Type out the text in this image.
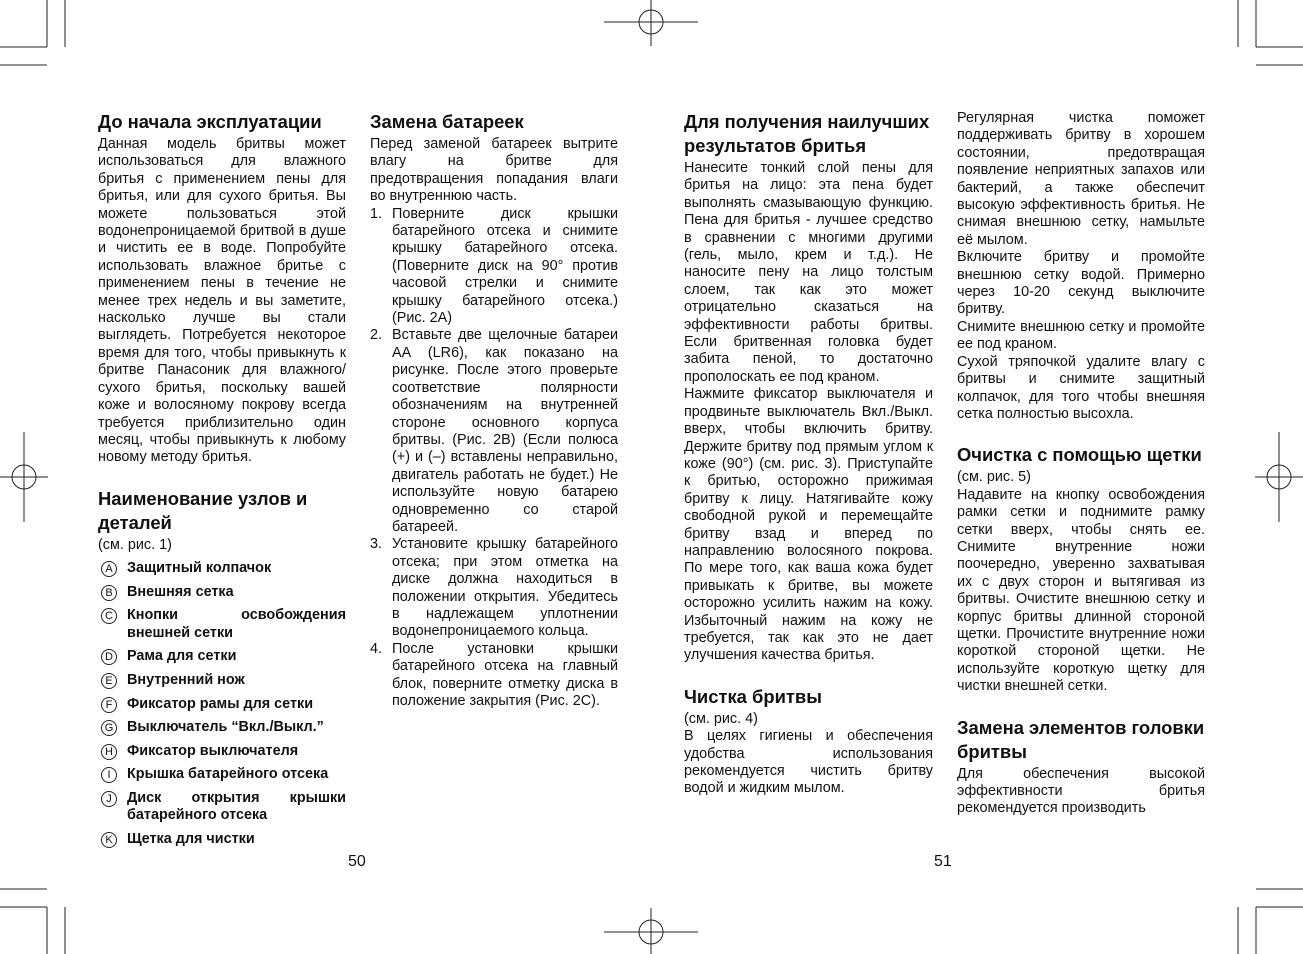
До начала эксплуатации

Данная модель бритвы может использоваться для влажного бритья с применением пены для бритья, или для сухого бритья. Вы можете пользоваться этой водонепроницаемой бритвой в душе и чистить ее в воде. Попробуйте использовать влажное бритье с применением пены в течение не менее трех недель и вы заметите, насколько лучше вы стали выглядеть. Потребуется некоторое время для того, чтобы привыкнуть к бритве Панасоник для влажного/сухого бритья, поскольку вашей коже и волосяному покрову всегда требуется приблизительно один месяц, чтобы привыкнуть к любому новому методу бритья.

Наименование узлов и деталей

(см. рис. 1)

A Защитный колпачок
B Внешняя сетка
C Кнопки освобождения внешней сетки
D Рама для сетки
E Внутренний нож
F	Фиксатор рамы для сетки
G Выключатель “Вкл./Выкл.”
H Фиксатор выключателя
I	Крышка батарейного отсека
J	Диск открытия крышки батарейного отсека
K Щетка для чистки
Замена батареек

Перед заменой батареек вытрите влагу на бритве для предотвращения попадания влаги во внутреннюю часть.

1. Поверните диск крышки батарейного отсека и снимите крышку батарейного отсека. (Поверните диск на 90° против часовой стрелки и снимите крышку батарейного отсека.) (Рис. 2A)
2. Вставьте две щелочные батареи AA (LR6), как показано на рисунке. После этого проверьте соответствие полярности обозначениям на внутренней стороне основного корпуса бритвы. (Рис. 2B) (Если полюса (+) и (–) вставлены неправильно, двигатель работать не будет.) Не используйте новую батарею одновременно со старой батареей.
3. Установите крышку батарейного отсека; при этом отметка на диске должна находиться в положении открытия. Убедитесь в надлежащем уплотнении водонепроницаемого кольца.
4. После установки крышки батарейного отсека на главный блок, поверните отметку диска в положение закрытия (Рис. 2C).
50
Для получения наилучших результатов бритья

Нанесите тонкий слой пены для бритья на лицо: эта пена будет выполнять смазывающую функцию. Пена для бритья - лучшее средство в сравнении с многими другими (гель, мыло, крем и т.д.). Не наносите пену на лицо толстым слоем, так как это может отрицательно сказаться на эффективности работы бритвы. Если бритвенная головка будет забита пеной, то достаточно прополоскать ее под краном.

Нажмите фиксатор выключателя и продвиньте выключатель Вкл./Выкл. вверх, чтобы включить бритву. Держите бритву под прямым углом к коже (90°) (см. рис. 3). Приступайте к бритью, осторожно прижимая бритву к лицу. Натягивайте кожу свободной рукой и перемещайте бритву взад и вперед по направлению волосяного покрова. По мере того, как ваша кожа будет привыкать к бритве, вы можете осторожно усилить нажим на кожу. Избыточный нажим на кожу не требуется, так как это не дает улучшения качества бритья.

Чистка бритвы

(см. рис. 4)

В целях гигиены и обеспечения удобства использования рекомендуется чистить бритву водой и жидким мылом.

51

Регулярная чистка поможет поддерживать бритву в хорошем состоянии, предотвращая появление неприятных запахов или бактерий, а также обеспечит высокую эффективность бритья. Не снимая внешнюю сетку, намыльте её мылом.

Включите бритву и промойте внешнюю сетку водой. Примерно через 10-20 секунд выключите бритву.

Снимите внешнюю сетку и промойте ее под краном.

Сухой тряпочкой удалите влагу с бритвы и снимите защитный колпачок, для того чтобы внешняя сетка полностью высохла.

Очистка с помощью щетки

(см. рис. 5)

Надавите на кнопку освобождения рамки сетки и поднимите рамку сетки вверх, чтобы снять ее. Снимите внутренние ножи поочередно, уверенно захватывая их с двух сторон и вытягивая из бритвы. Очистите внешнюю сетку и корпус бритвы длинной стороной щетки. Прочистите внутренние ножи короткой стороной щетки. Не используйте короткую щетку для чистки внешней сетки.

Замена элементов головки бритвы

Для обеспечения высокой эффективности бритья рекомендуется производить
